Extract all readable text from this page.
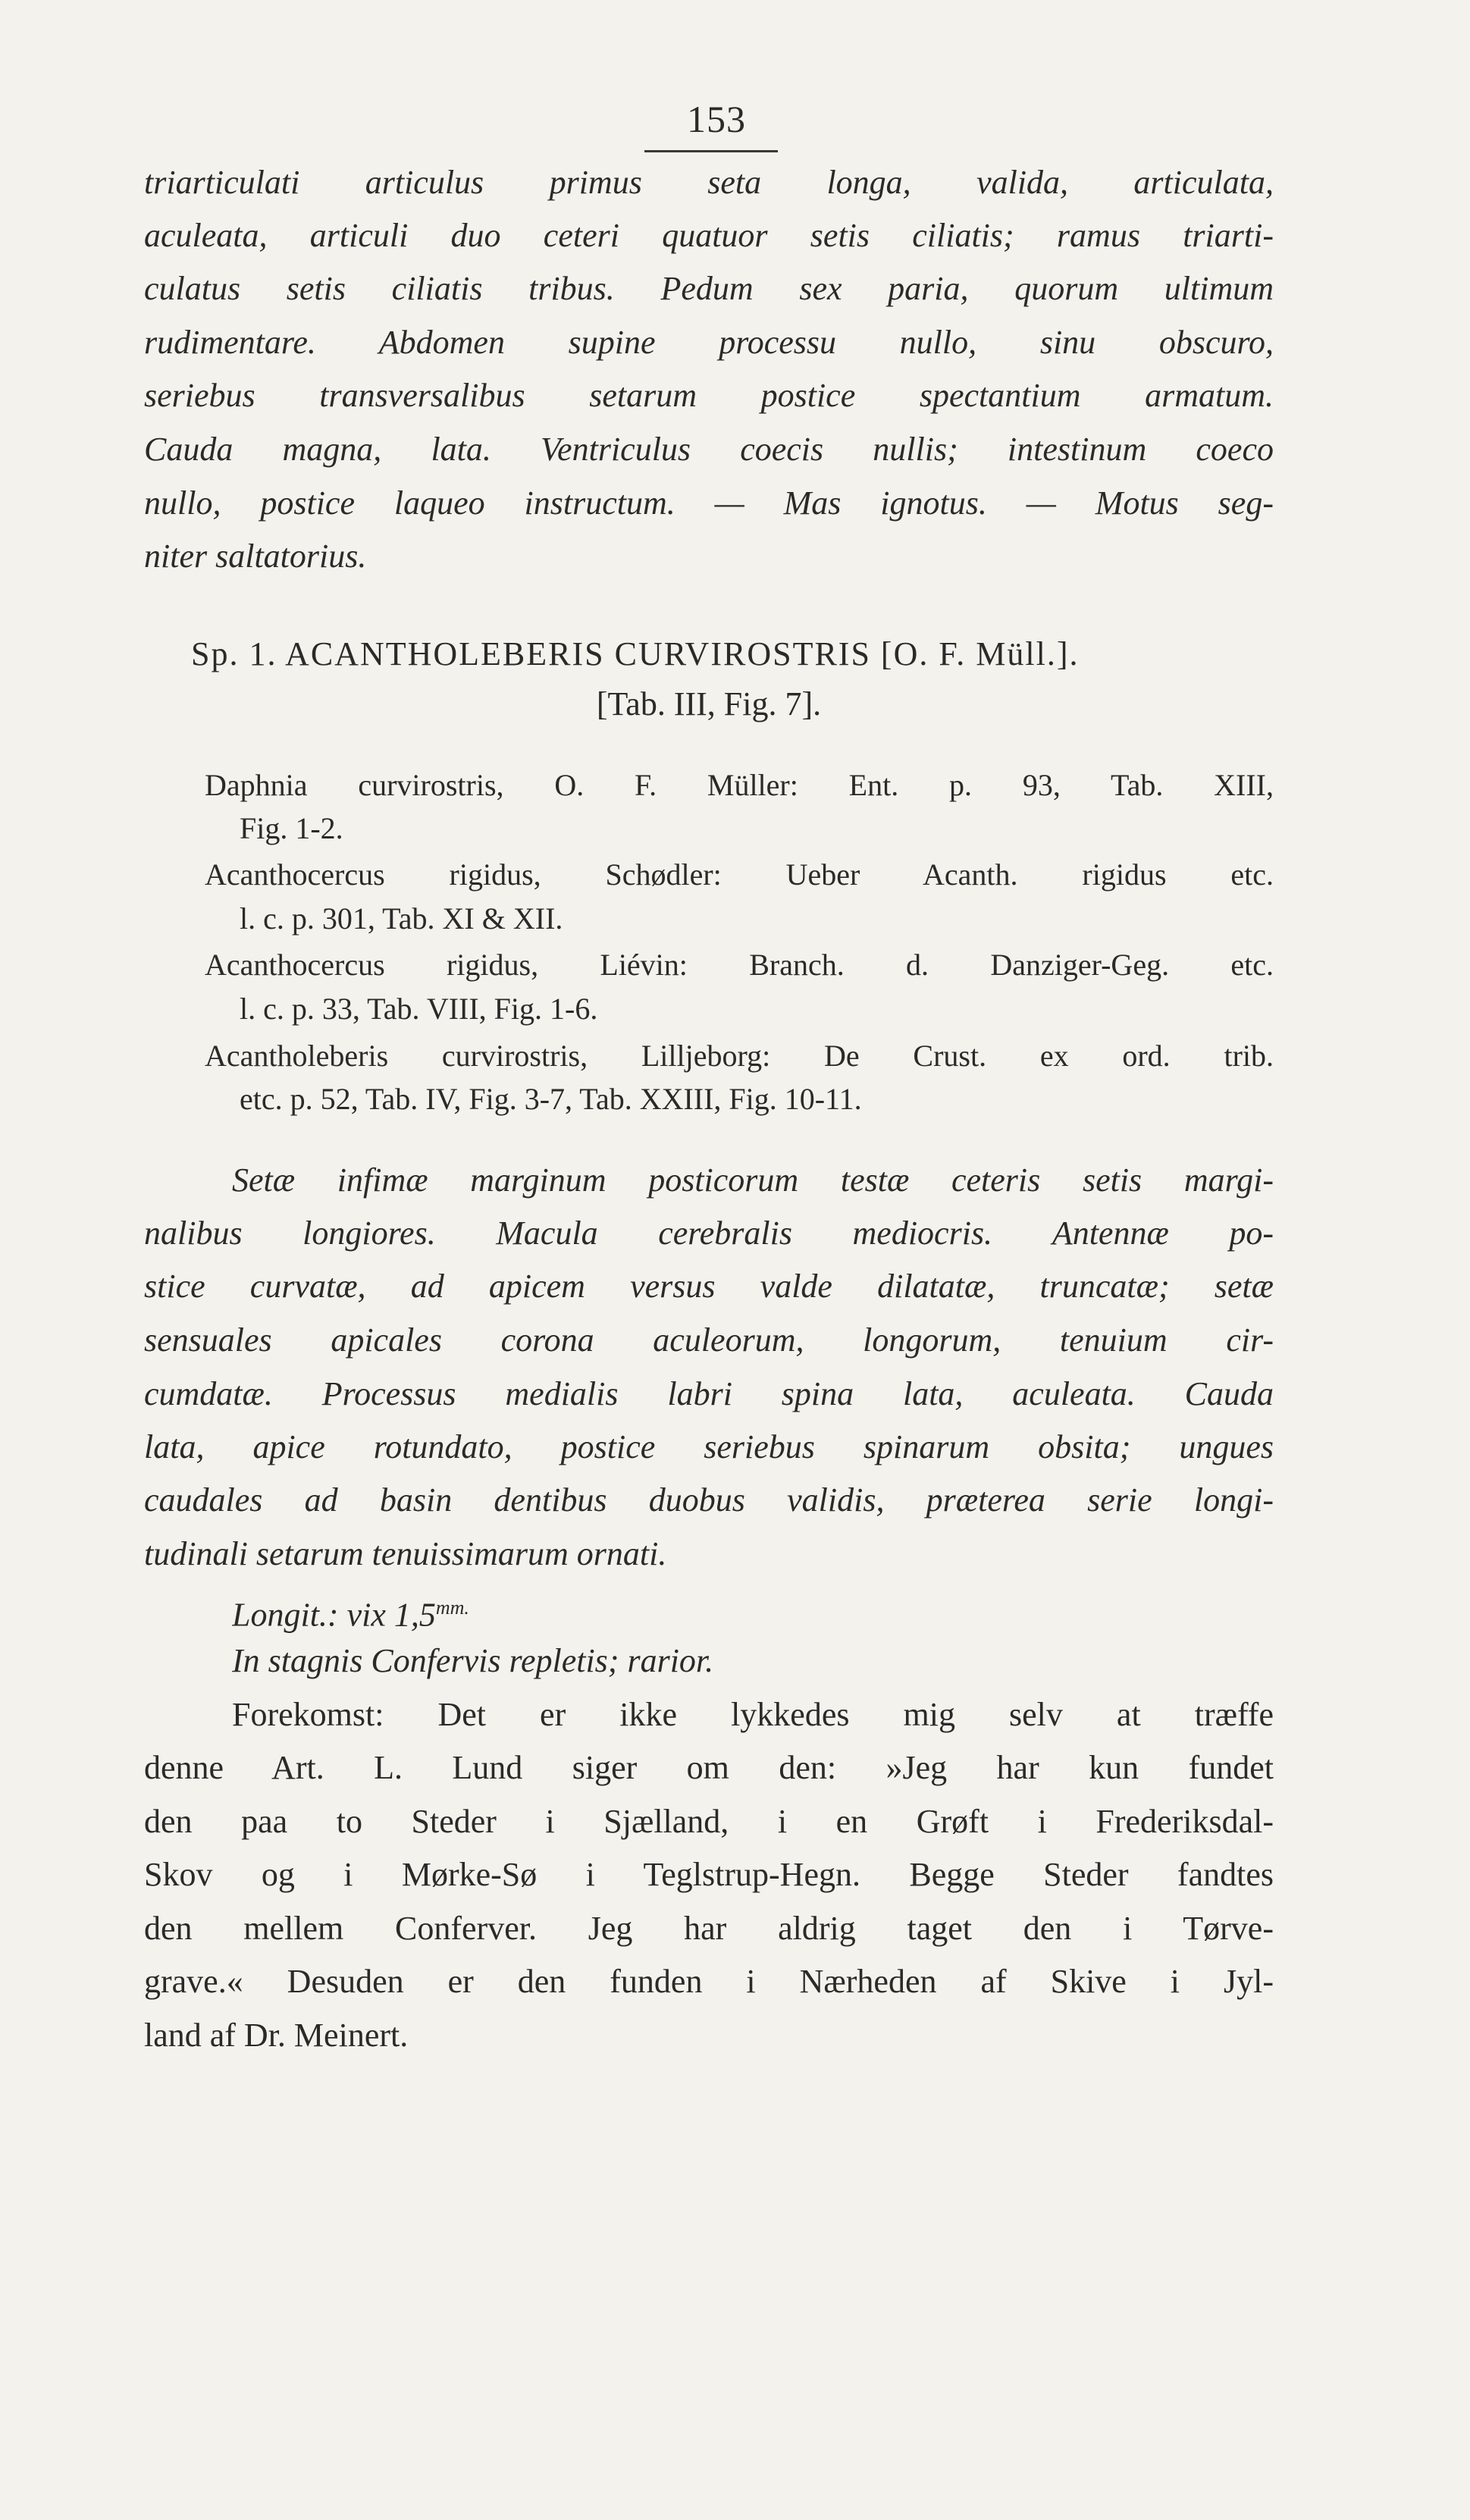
153
triarticulati articulus primus seta longa, valida, articulata,
aculeata, articuli duo ceteri quatuor setis ciliatis; ramus triarti-
culatus setis ciliatis tribus. Pedum sex paria, quorum ultimum
rudimentare. Abdomen supine processu nullo, sinu obscuro,
seriebus transversalibus setarum postice spectantium armatum.
Cauda magna, lata. Ventriculus coecis nullis; intestinum coeco
nullo, postice laqueo instructum. — Mas ignotus. — Motus seg-
niter saltatorius.
Sp. 1. ACANTHOLEBERIS CURVIROSTRIS [O. F. Müll.].
[Tab. III, Fig. 7].
Daphnia curvirostris, O. F. Müller: Ent. p. 93, Tab. XIII,
Fig. 1-2.
Acanthocercus rigidus, Schødler: Ueber Acanth. rigidus etc.
l. c. p. 301, Tab. XI & XII.
Acanthocercus rigidus, Liévin: Branch. d. Danziger-Geg. etc.
l. c. p. 33, Tab. VIII, Fig. 1-6.
Acantholeberis curvirostris, Lilljeborg: De Crust. ex ord. trib.
etc. p. 52, Tab. IV, Fig. 3-7, Tab. XXIII, Fig. 10-11.
Setæ infimæ marginum posticorum testæ ceteris setis margi-
nalibus longiores. Macula cerebralis mediocris. Antennæ po-
stice curvatæ, ad apicem versus valde dilatatæ, truncatæ; setæ
sensuales apicales corona aculeorum, longorum, tenuium cir-
cumdatæ. Processus medialis labri spina lata, aculeata. Cauda
lata, apice rotundato, postice seriebus spinarum obsita; ungues
caudales ad basin dentibus duobus validis, præterea serie longi-
tudinali setarum tenuissimarum ornati.
Longit.: vix $1,5^{mm.}$
In stagnis Confervis repletis; rarior.
Forekomst: Det er ikke lykkedes mig selv at træffe
denne Art. L. Lund siger om den: »Jeg har kun fundet
den paa to Steder i Sjælland, i en Grøft i Frederiksdal-
Skov og i Mørke-Sø i Teglstrup-Hegn. Begge Steder fandtes
den mellem Conferver. Jeg har aldrig taget den i Tørve-
grave.« Desuden er den funden i Nærheden af Skive i Jyl-
land af Dr. Meinert.
